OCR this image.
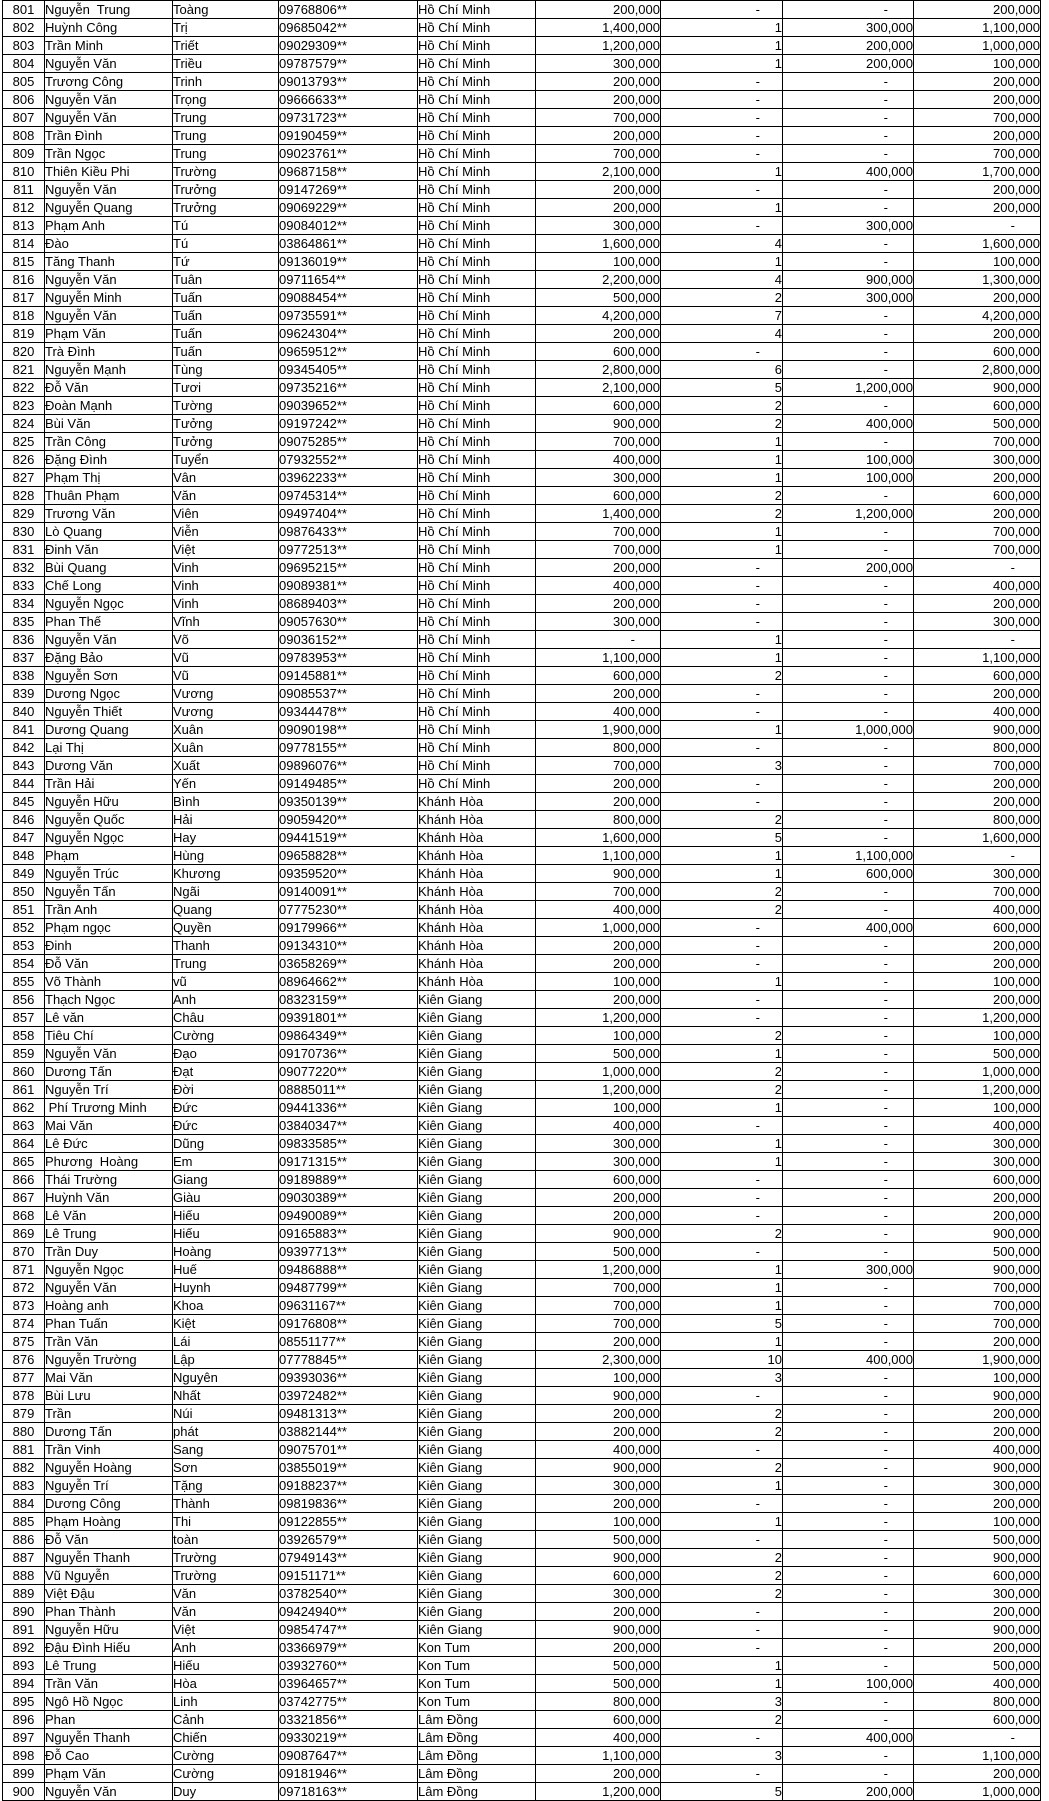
801	Nguyễn  Trung	Toàng	09768806**	Hồ Chí Minh	200,000	-	-	200,000
802	Huỳnh Công	Trị	09685042**	Hồ Chí Minh	1,400,000	1	300,000	1,100,000
803	Trần Minh	Triết	09029309**	Hồ Chí Minh	1,200,000	1	200,000	1,000,000
804	Nguyễn Văn	Triều	09787579**	Hồ Chí Minh	300,000	1	200,000	100,000
805	Trương Công	Trinh	09013793**	Hồ Chí Minh	200,000	-	-	200,000
806	Nguyễn Văn	Trọng	09666633**	Hồ Chí Minh	200,000	-	-	200,000
807	Nguyễn Văn	Trung	09731723**	Hồ Chí Minh	700,000	-	-	700,000
808	Trần Đình	Trung	09190459**	Hồ Chí Minh	200,000	-	-	200,000
809	Trần Ngọc	Trung	09023761**	Hồ Chí Minh	700,000	-	-	700,000
810	Thiên Kiều Phi	Trường	09687158**	Hồ Chí Minh	2,100,000	1	400,000	1,700,000
811	Nguyễn Văn	Trưởng	09147269**	Hồ Chí Minh	200,000	-	-	200,000
812	Nguyễn Quang	Trưởng	09069229**	Hồ Chí Minh	200,000	1	-	200,000
813	Phạm Anh	Tú	09084012**	Hồ Chí Minh	300,000	-	300,000	-
814	Đào	Tú	03864861**	Hồ Chí Minh	1,600,000	4	-	1,600,000
815	Tăng Thanh	Tứ	09136019**	Hồ Chí Minh	100,000	1	-	100,000
816	Nguyễn Văn	Tuân	09711654**	Hồ Chí Minh	2,200,000	4	900,000	1,300,000
817	Nguyễn Minh	Tuấn	09088454**	Hồ Chí Minh	500,000	2	300,000	200,000
818	Nguyễn Văn	Tuấn	09735591**	Hồ Chí Minh	4,200,000	7	-	4,200,000
819	Phạm Văn	Tuấn	09624304**	Hồ Chí Minh	200,000	4	-	200,000
820	Trà Đình	Tuấn	09659512**	Hồ Chí Minh	600,000	-	-	600,000
821	Nguyễn Mạnh	Tùng	09345405**	Hồ Chí Minh	2,800,000	6	-	2,800,000
822	Đỗ Văn	Tươi	09735216**	Hồ Chí Minh	2,100,000	5	1,200,000	900,000
823	Đoàn Mạnh	Tường	09039652**	Hồ Chí Minh	600,000	2	-	600,000
824	Bùi Văn	Tưởng	09197242**	Hồ Chí Minh	900,000	2	400,000	500,000
825	Trần Công	Tưởng	09075285**	Hồ Chí Minh	700,000	1	-	700,000
826	Đặng Đình	Tuyển	07932552**	Hồ Chí Minh	400,000	1	100,000	300,000
827	Phạm Thị	Vân	03962233**	Hồ Chí Minh	300,000	1	100,000	200,000
828	Thuân Phạm	Văn	09745314**	Hồ Chí Minh	600,000	2	-	600,000
829	Trương Văn	Viên	09497404**	Hồ Chí Minh	1,400,000	2	1,200,000	200,000
830	Lò Quang	Viễn	09876433**	Hồ Chí Minh	700,000	1	-	700,000
831	Đinh Văn	Việt	09772513**	Hồ Chí Minh	700,000	1	-	700,000
832	Bùi Quang	Vinh	09695215**	Hồ Chí Minh	200,000	-	200,000	-
833	Chế Long	Vinh	09089381**	Hồ Chí Minh	400,000	-	-	400,000
834	Nguyễn Ngọc	Vinh	08689403**	Hồ Chí Minh	200,000	-	-	200,000
835	Phan Thế	Vĩnh	09057630**	Hồ Chí Minh	300,000	-	-	300,000
836	Nguyễn Văn	Võ	09036152**	Hồ Chí Minh	-	1	-	-
837	Đặng Bảo	Vũ	09783953**	Hồ Chí Minh	1,100,000	1	-	1,100,000
838	Nguyễn Sơn	Vũ	09145881**	Hồ Chí Minh	600,000	2	-	600,000
839	Dương Ngọc	Vương	09085537**	Hồ Chí Minh	200,000	-	-	200,000
840	Nguyễn Thiết	Vương	09344478**	Hồ Chí Minh	400,000	-	-	400,000
841	Dương Quang	Xuân	09090198**	Hồ Chí Minh	1,900,000	1	1,000,000	900,000
842	Lại Thị	Xuân	09778155**	Hồ Chí Minh	800,000	-	-	800,000
843	Dương Văn	Xuất	09896076**	Hồ Chí Minh	700,000	3	-	700,000
844	Trần Hải	Yến	09149485**	Hồ Chí Minh	200,000	-	-	200,000
845	Nguyễn Hữu	Bình	09350139**	Khánh Hòa	200,000	-	-	200,000
846	Nguyễn Quốc	Hải	09059420**	Khánh Hòa	800,000	2	-	800,000
847	Nguyễn Ngọc	Hay	09441519**	Khánh Hòa	1,600,000	5	-	1,600,000
848	Phạm	Hùng	09658828**	Khánh Hòa	1,100,000	1	1,100,000	-
849	Nguyễn Trúc	Khương	09359520**	Khánh Hòa	900,000	1	600,000	300,000
850	Nguyễn Tấn	Ngãi	09140091**	Khánh Hòa	700,000	2	-	700,000
851	Trần Anh	Quang	07775230**	Khánh Hòa	400,000	2	-	400,000
852	Phạm ngọc	Quyền	09179966**	Khánh Hòa	1,000,000	-	400,000	600,000
853	Đinh	Thanh	09134310**	Khánh Hòa	200,000	-	-	200,000
854	Đỗ Văn	Trung	03658269**	Khánh Hòa	200,000	-	-	200,000
855	Võ Thành	vũ	08964662**	Khánh Hòa	100,000	1	-	100,000
856	Thạch Ngọc	Anh	08323159**	Kiên Giang	200,000	-	-	200,000
857	Lê văn	Châu	09391801**	Kiên Giang	1,200,000	-	-	1,200,000
858	Tiêu Chí	Cường	09864349**	Kiên Giang	100,000	2	-	100,000
859	Nguyễn Văn	Đạo	09170736**	Kiên Giang	500,000	1	-	500,000
860	Dương Tấn	Đạt	09077220**	Kiên Giang	1,000,000	2	-	1,000,000
861	Nguyễn Trí	Đời	08885011**	Kiên Giang	1,200,000	2	-	1,200,000
862	Phí Trương Minh	Đức	09441336**	Kiên Giang	100,000	1	-	100,000
863	Mai Văn	Đức	03840347**	Kiên Giang	400,000	-	-	400,000
864	Lê Đức	Dũng	09833585**	Kiên Giang	300,000	1	-	300,000
865	Phương  Hoàng	Em	09171315**	Kiên Giang	300,000	1	-	300,000
866	Thái Trường	Giang	09189889**	Kiên Giang	600,000	-	-	600,000
867	Huỳnh Văn	Giàu	09030389**	Kiên Giang	200,000	-	-	200,000
868	Lê Văn	Hiếu	09490089**	Kiên Giang	200,000	-	-	200,000
869	Lê Trung	Hiếu	09165883**	Kiên Giang	900,000	2	-	900,000
870	Trần Duy	Hoàng	09397713**	Kiên Giang	500,000	-	-	500,000
871	Nguyễn Ngọc	Huế	09486888**	Kiên Giang	1,200,000	1	300,000	900,000
872	Nguyễn Văn	Huynh	09487799**	Kiên Giang	700,000	1	-	700,000
873	Hoàng anh	Khoa	09631167**	Kiên Giang	700,000	1	-	700,000
874	Phan Tuấn	Kiệt	09176808**	Kiên Giang	700,000	5	-	700,000
875	Trần Văn	Lái	08551177**	Kiên Giang	200,000	1	-	200,000
876	Nguyễn Trường	Lập	07778845**	Kiên Giang	2,300,000	10	400,000	1,900,000
877	Mai Văn	Nguyên	09393036**	Kiên Giang	100,000	3	-	100,000
878	Bùi Lưu	Nhất	03972482**	Kiên Giang	900,000	-	-	900,000
879	Trần	Núi	09481313**	Kiên Giang	200,000	2	-	200,000
880	Dương Tấn	phát	03882144**	Kiên Giang	200,000	2	-	200,000
881	Trần Vinh	Sang	09075701**	Kiên Giang	400,000	-	-	400,000
882	Nguyễn Hoàng	Sơn	03855019**	Kiên Giang	900,000	2	-	900,000
883	Nguyễn Trí	Tặng	09188237**	Kiên Giang	300,000	1	-	300,000
884	Dương Công	Thành	09819836**	Kiên Giang	200,000	-	-	200,000
885	Phạm Hoàng	Thi	09122855**	Kiên Giang	100,000	1	-	100,000
886	Đỗ Văn	toàn	03926579**	Kiên Giang	500,000	-	-	500,000
887	Nguyễn Thanh	Trường	07949143**	Kiên Giang	900,000	2	-	900,000
888	Vũ Nguyễn	Trường	09151171**	Kiên Giang	600,000	2	-	600,000
889	Việt Đậu	Văn	03782540**	Kiên Giang	300,000	2	-	300,000
890	Phan Thành	Văn	09424940**	Kiên Giang	200,000	-	-	200,000
891	Nguyễn Hữu	Việt	09854747**	Kiên Giang	900,000	-	-	900,000
892	Đậu Đình Hiếu	Anh	03366979**	Kon Tum	200,000	-	-	200,000
893	Lê Trung	Hiếu	03932760**	Kon Tum	500,000	1	-	500,000
894	Trần Văn	Hòa	03964657**	Kon Tum	500,000	1	100,000	400,000
895	Ngô Hồ Ngọc	Linh	03742775**	Kon Tum	800,000	3	-	800,000
896	Phan	Cảnh	03321856**	Lâm Đồng	600,000	2	-	600,000
897	Nguyễn Thanh	Chiến	09330219**	Lâm Đồng	400,000	-	400,000	-
898	Đỗ Cao	Cường	09087647**	Lâm Đồng	1,100,000	3	-	1,100,000
899	Phạm Văn	Cường	09181946**	Lâm Đồng	200,000	-	-	200,000
900	Nguyễn Văn	Duy	09718163**	Lâm Đồng	1,200,000	5	200,000	1,000,000
